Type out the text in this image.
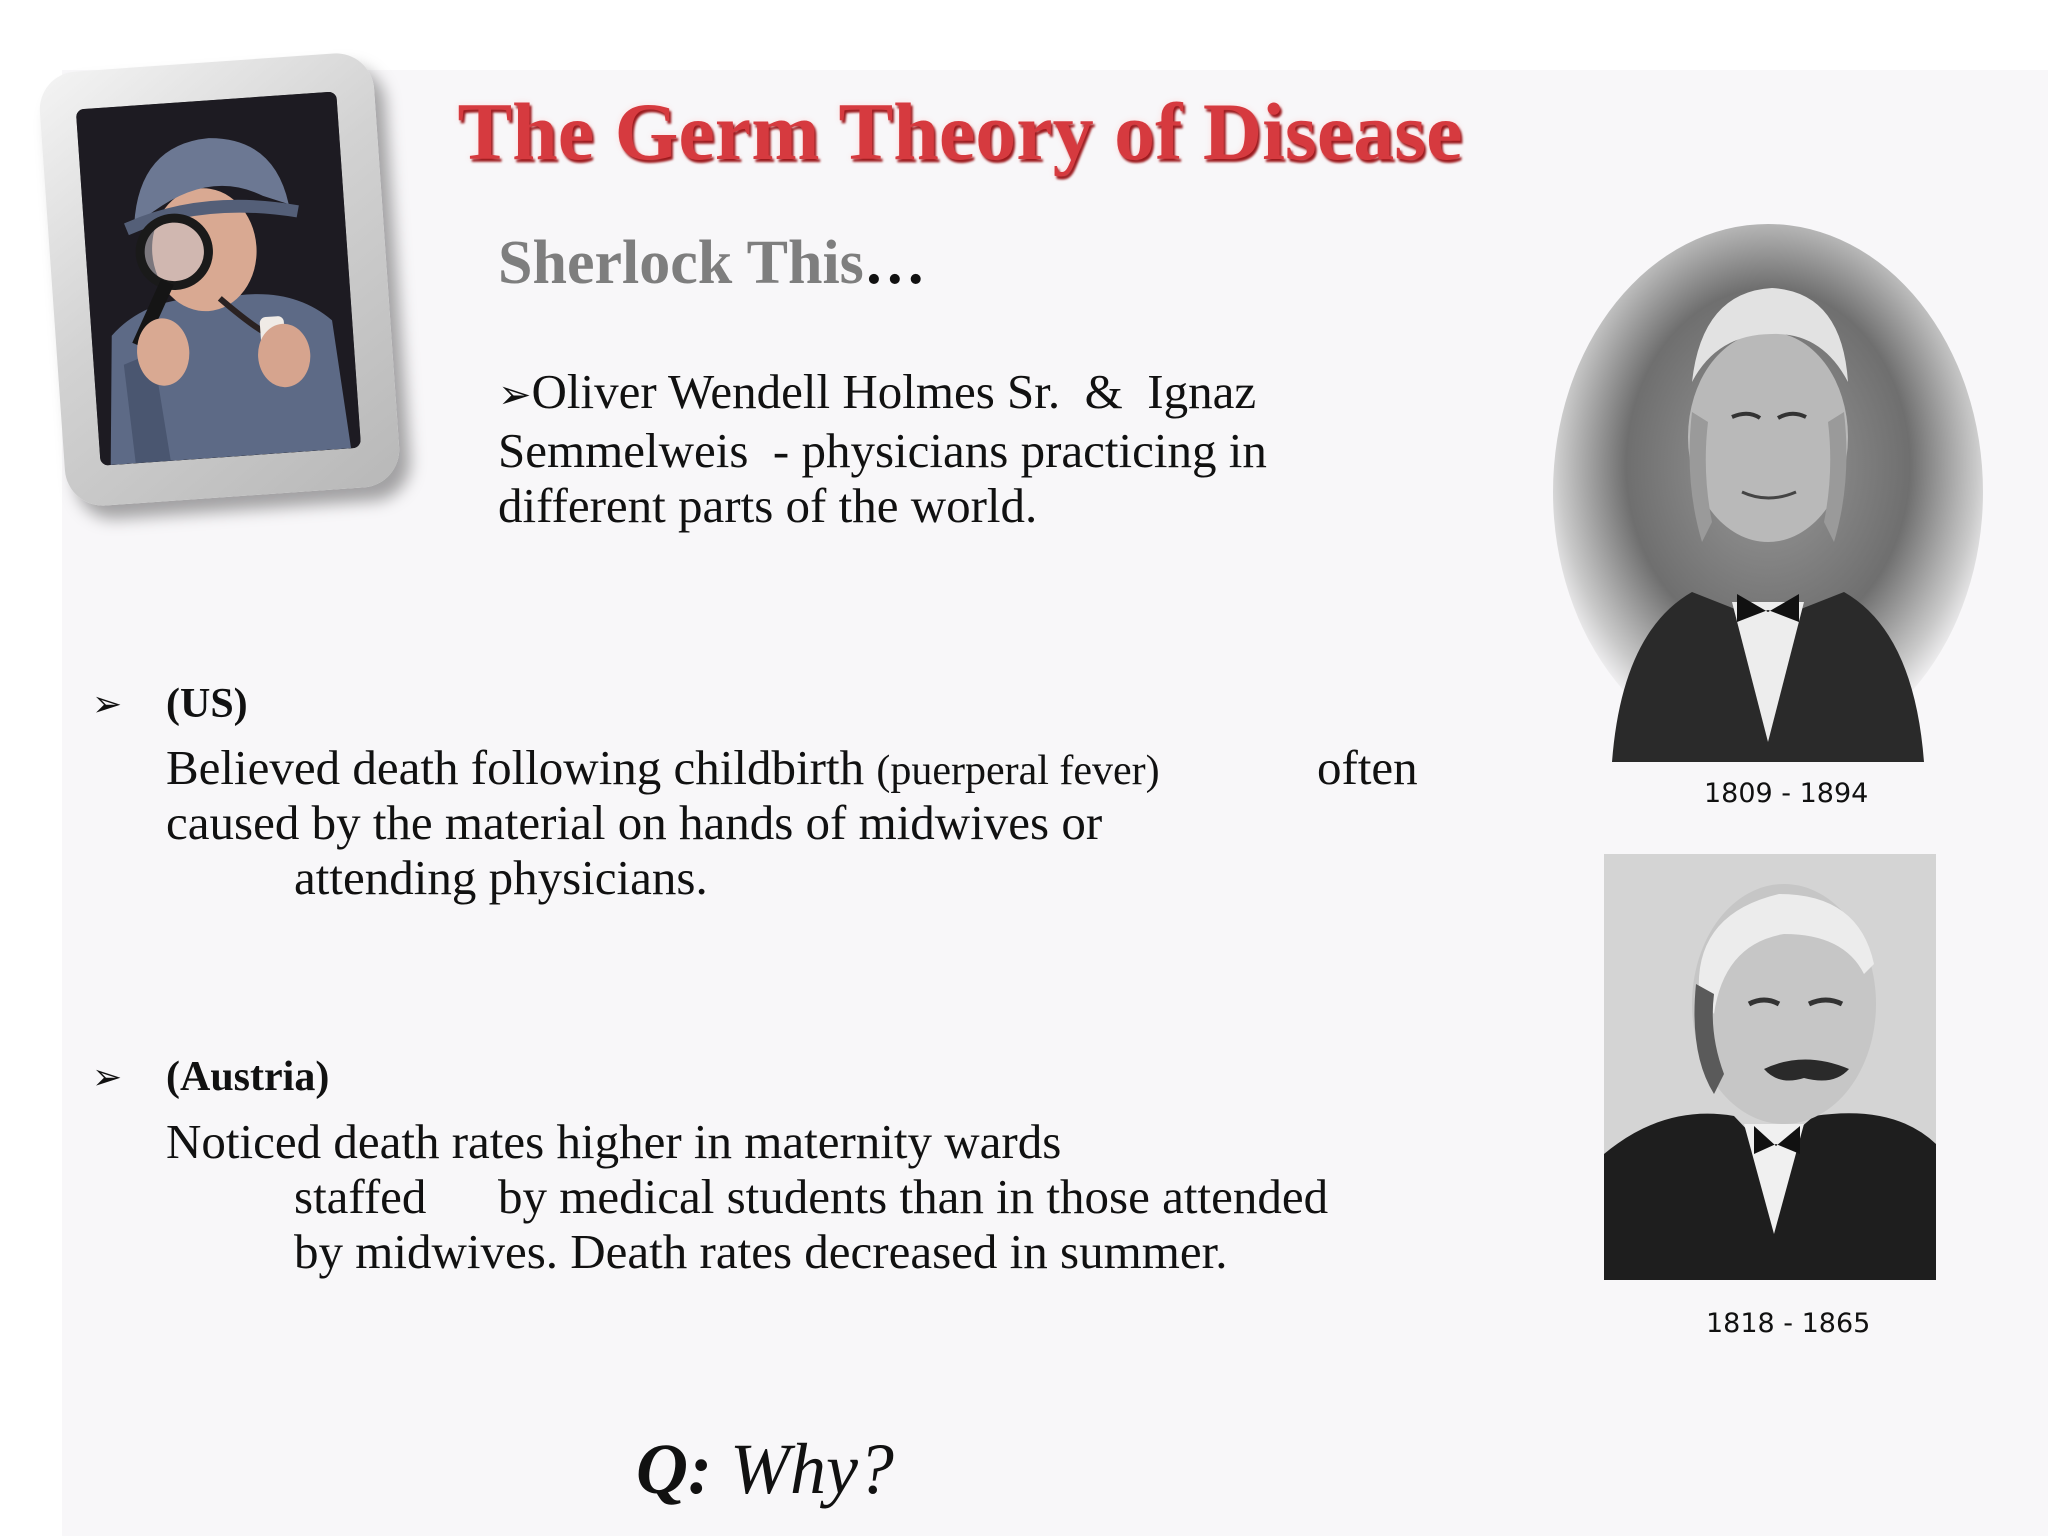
The Germ Theory of Disease
Sherlock This…
➢Oliver Wendell Holmes Sr.  &  Ignaz
Semmelweis  - physicians practicing in
different parts of the world.
➢ (US)
Believed death following childbirth (puerperal fever)	often
caused by the material on hands of midwives or
attending physicians.
➢ (Austria)
Noticed death rates higher in maternity wards
staffed by medical students than in those attended
by midwives. Death rates decreased in summer.
1809 - 1894
1818 - 1865
Q: Why?
